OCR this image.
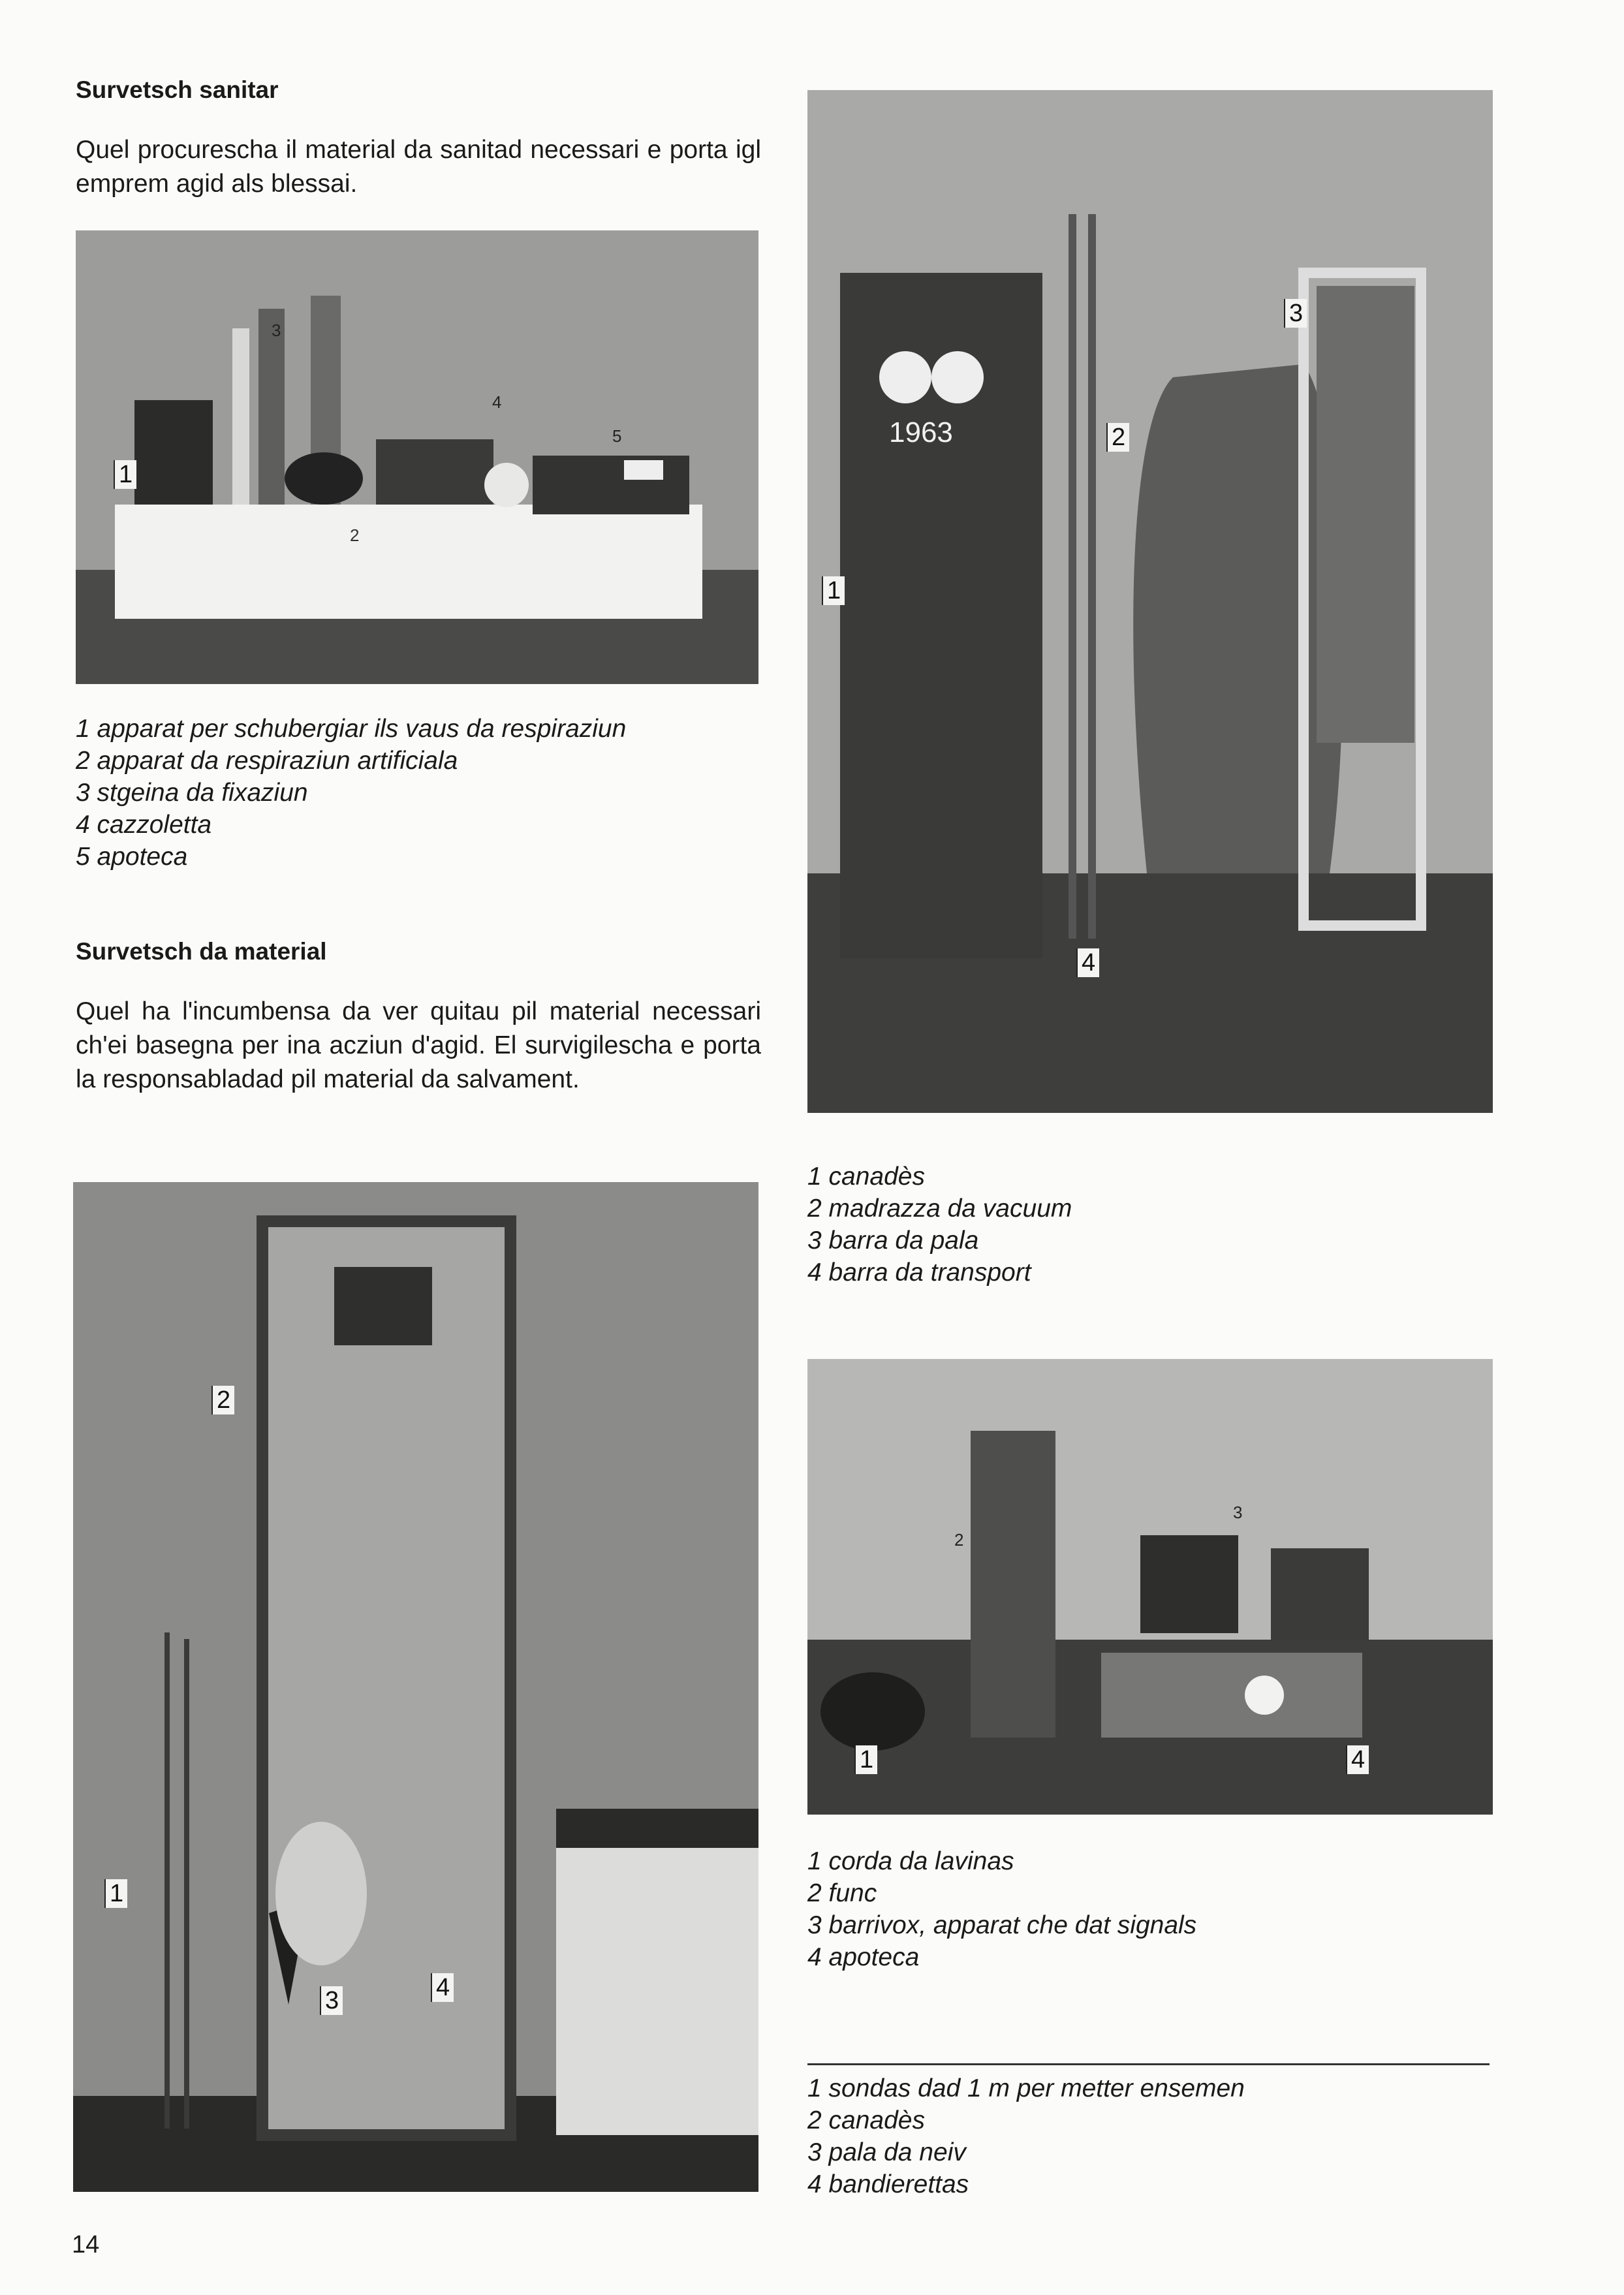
Survetsch sanitar
Quel procurescha il material da sanitad necessari e porta igl emprem agid als blessai.
1
2
3
4
5
1 apparat per schubergiar ils vaus da respiraziun
2 apparat da respiraziun artificiala
3 stgeina da fixaziun
4 cazzoletta
5 apoteca
Survetsch da material
Quel ha l'incumbensa da ver quitau pil material necessari ch'ei basegna per ina acziun d'agid. El survigilescha e porta la responsabladad pil material da salvament.
1963
1
2
3
4
1 canadès
2 madrazza da vacuum
3 barra da pala
4 barra da transport
1
2
3
4
1 corda da lavinas
2 func
3 barrivox, apparat che dat signals
4 apoteca
1
2
3	4
1 sondas dad 1 m per metter ensemen
2 canadès
3 pala da neiv
4 bandierettas
14
